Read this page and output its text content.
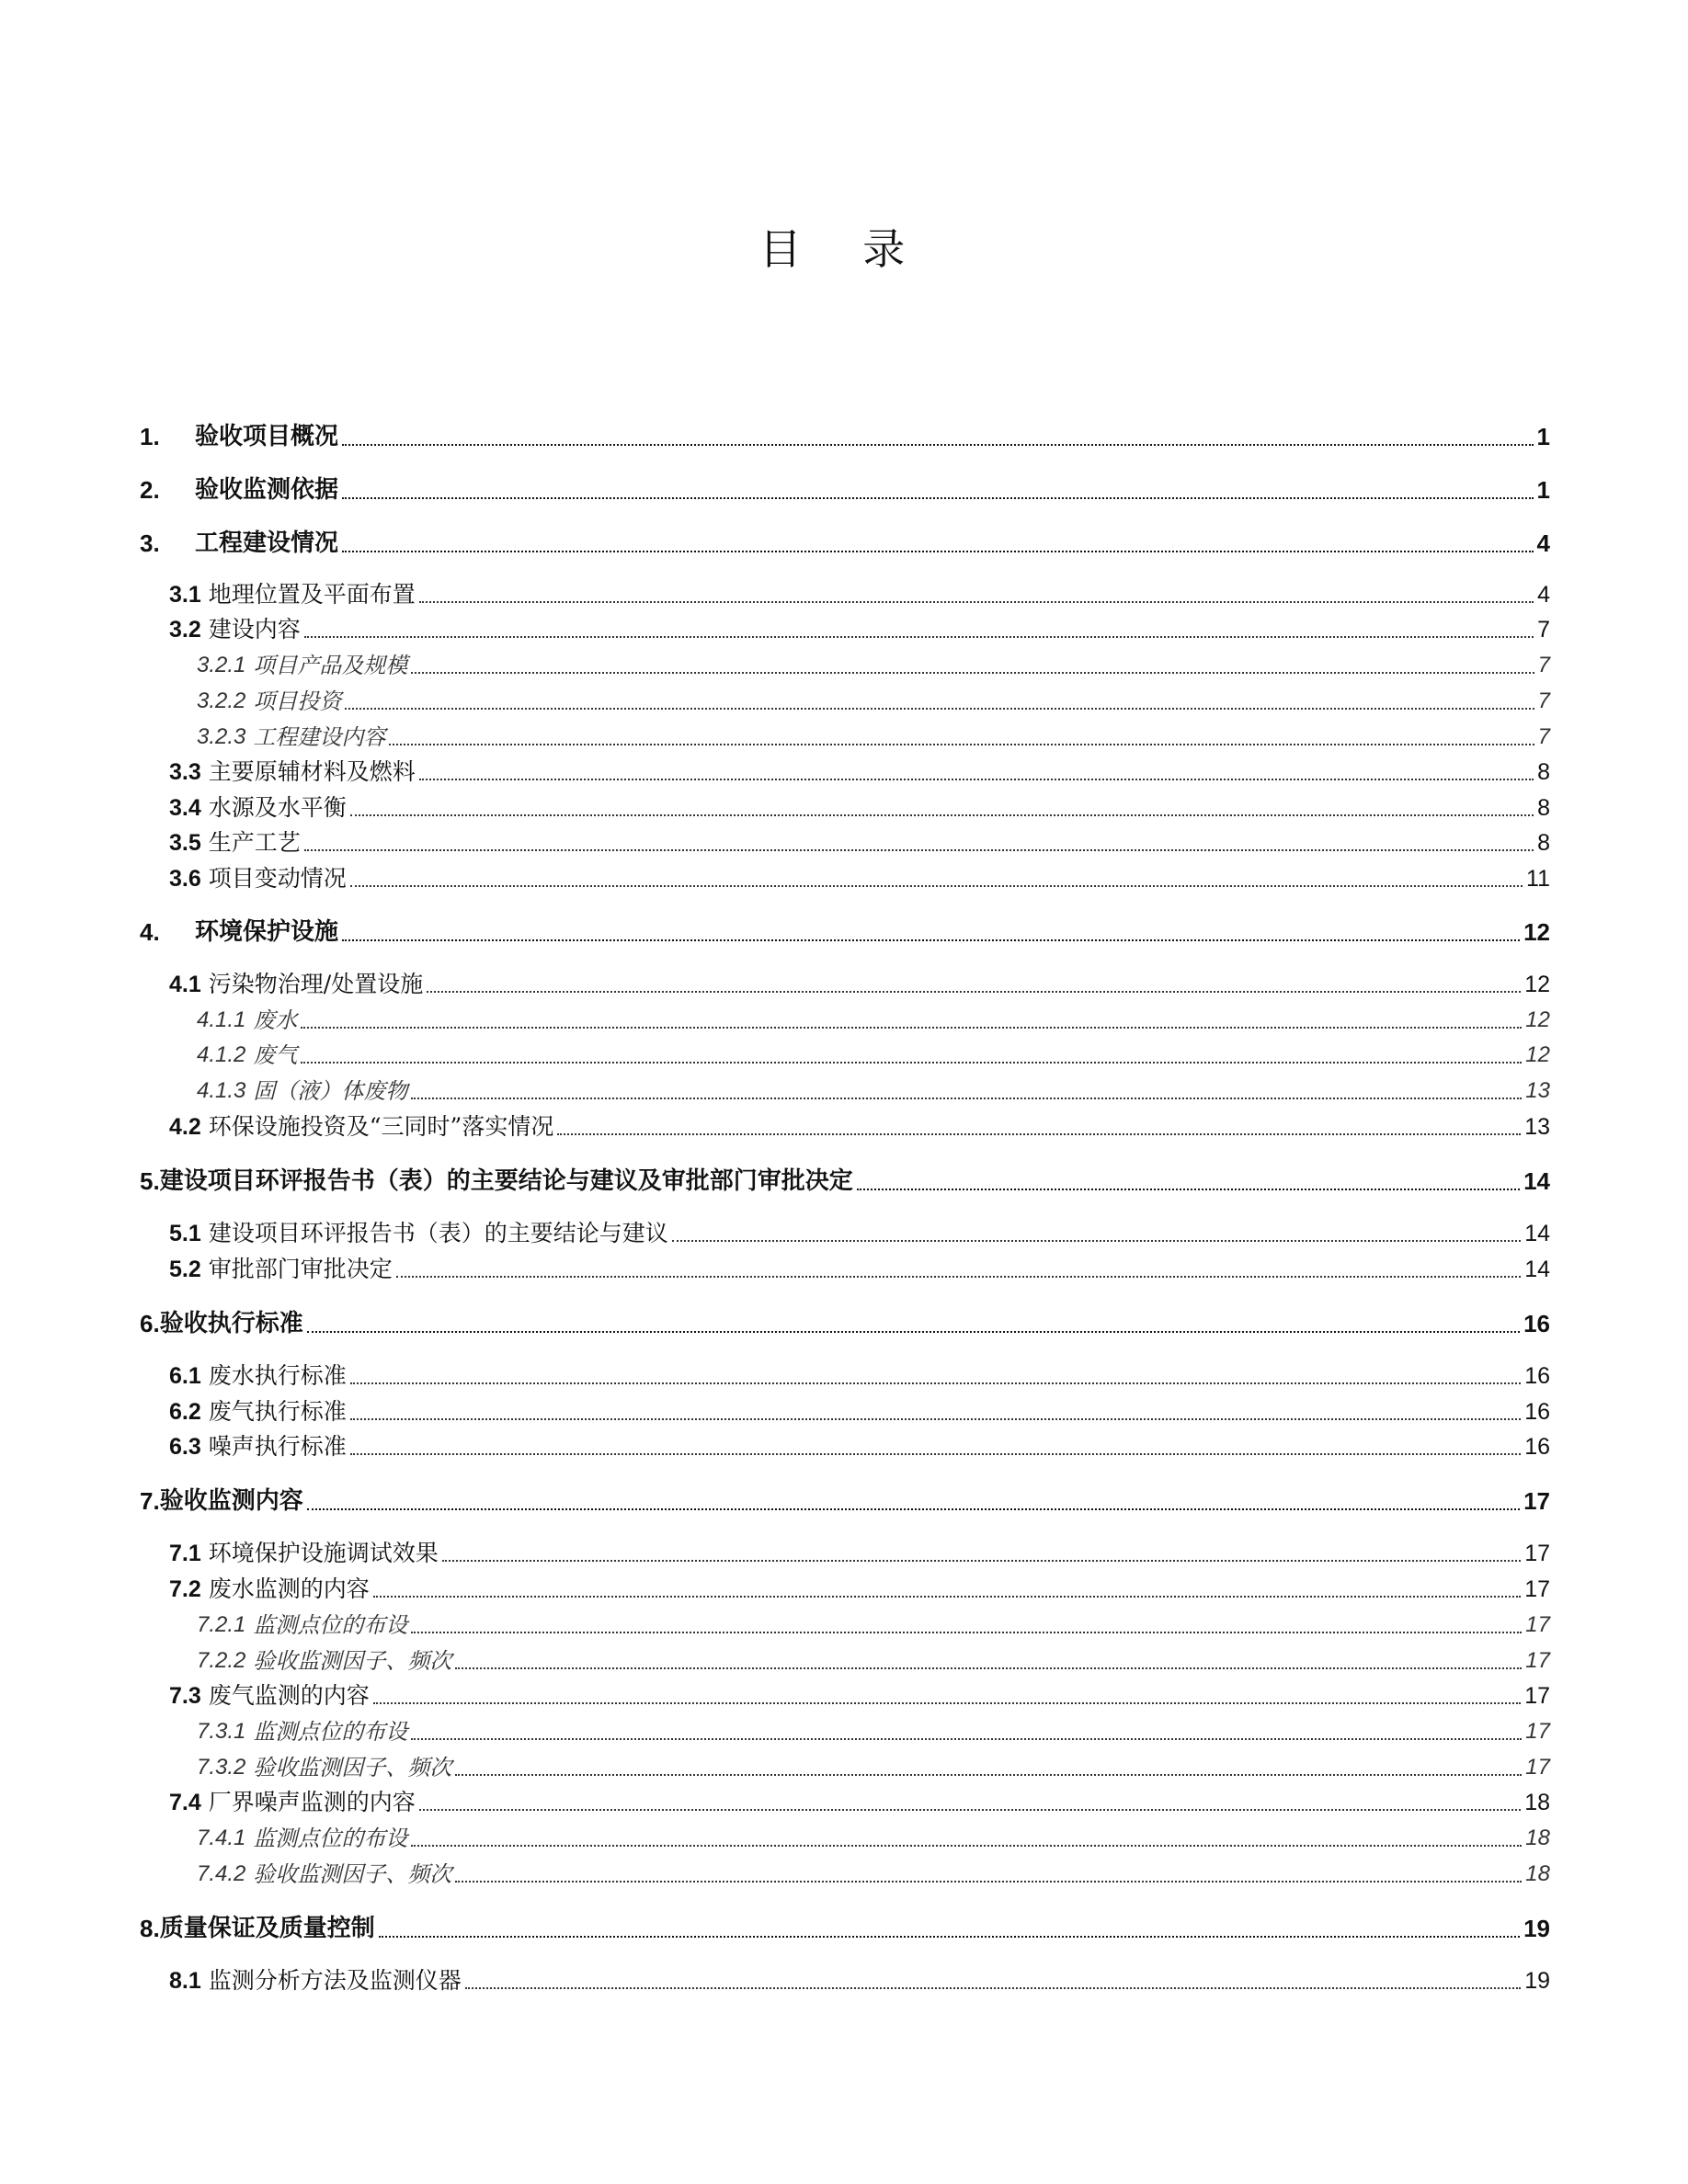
目 录
1.	验收项目概况	1
2.	验收监测依据	1
3.	工程建设情况	4
3.1 地理位置及平面布置	4
3.2 建设内容	7
3.2.1 项目产品及规模	7
3.2.2 项目投资	7
3.2.3 工程建设内容	7
3.3 主要原辅材料及燃料	8
3.4 水源及水平衡	8
3.5 生产工艺	8
3.6 项目变动情况	11
4.	环境保护设施	12
4.1 污染物治理/处置设施	12
4.1.1 废水	12
4.1.2 废气	12
4.1.3 固（液）体废物	13
4.2 环保设施投资及“三同时”落实情况	13
5. 建设项目环评报告书（表）的主要结论与建议及审批部门审批决定	14
5.1 建设项目环评报告书（表）的主要结论与建议	14
5.2 审批部门审批决定	14
6. 验收执行标准	16
6.1 废水执行标准	16
6.2 废气执行标准	16
6.3 噪声执行标准	16
7. 验收监测内容	17
7.1 环境保护设施调试效果	17
7.2 废水监测的内容	17
7.2.1 监测点位的布设	17
7.2.2 验收监测因子、频次	17
7.3 废气监测的内容	17
7.3.1 监测点位的布设	17
7.3.2 验收监测因子、频次	17
7.4 厂界噪声监测的内容	18
7.4.1 监测点位的布设	18
7.4.2 验收监测因子、频次	18
8. 质量保证及质量控制	19
8.1 监测分析方法及监测仪器	19
